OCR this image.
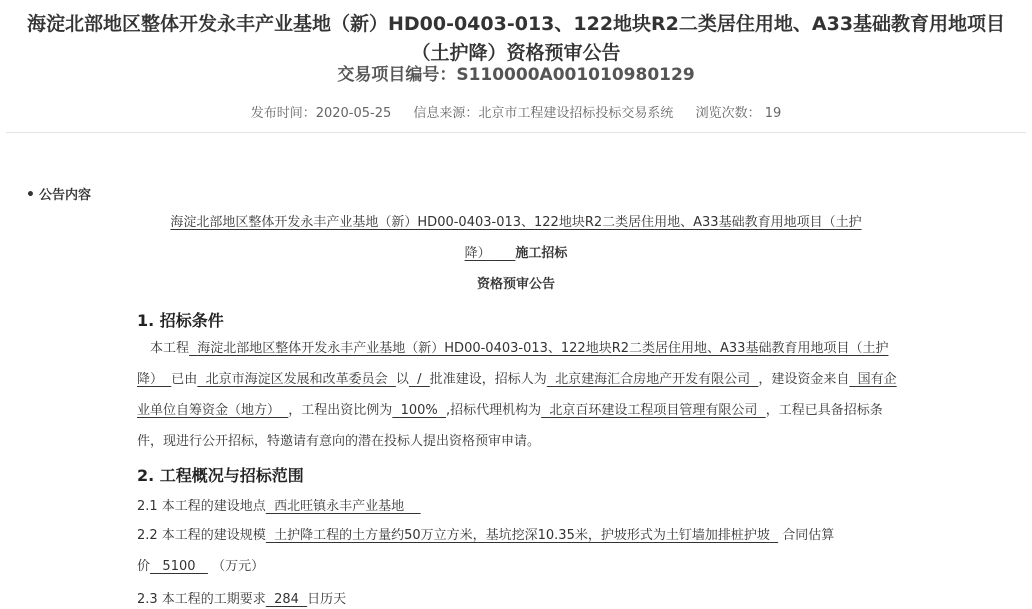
海淀北部地区整体开发永丰产业基地（新）HD00-0403-013、122地块R2二类居住用地、A33基础教育用地项目（土护降）资格预审公告
交易项目编号：S110000A001010980129
发布时间：2020-05-25 信息来源：北京市工程建设招标投标交易系统 浏览次数： 19
• 公告内容
海淀北部地区整体开发永丰产业基地（新）HD00-0403-013、122地块R2二类居住用地、A33基础教育用地项目（土护
降） 施工招标
资格预审公告
1. 招标条件
本工程 海淀北部地区整体开发永丰产业基地（新）HD00-0403-013、122地块R2二类居住用地、A33基础教育用地项目（土护降） 已由 北京市海淀区发展和改革委员会 以 / 批准建设，招标人为 北京建海汇合房地产开发有限公司 ，建设资金来自 国有企业单位自筹资金（地方） ，工程出资比例为 100% ,招标代理机构为 北京百环建设工程项目管理有限公司 ，工程已具备招标条件，现进行公开招标，特邀请有意向的潜在投标人提出资格预审申请。
2. 工程概况与招标范围
2.1 本工程的建设地点 西北旺镇永丰产业基地
2.2 本工程的建设规模 土护降工程的土方量约50万立方米，基坑挖深10.35米，护坡形式为土钉墙加排桩护坡 合同估算价 5100 （万元）
2.3 本工程的工期要求 284 日历天
